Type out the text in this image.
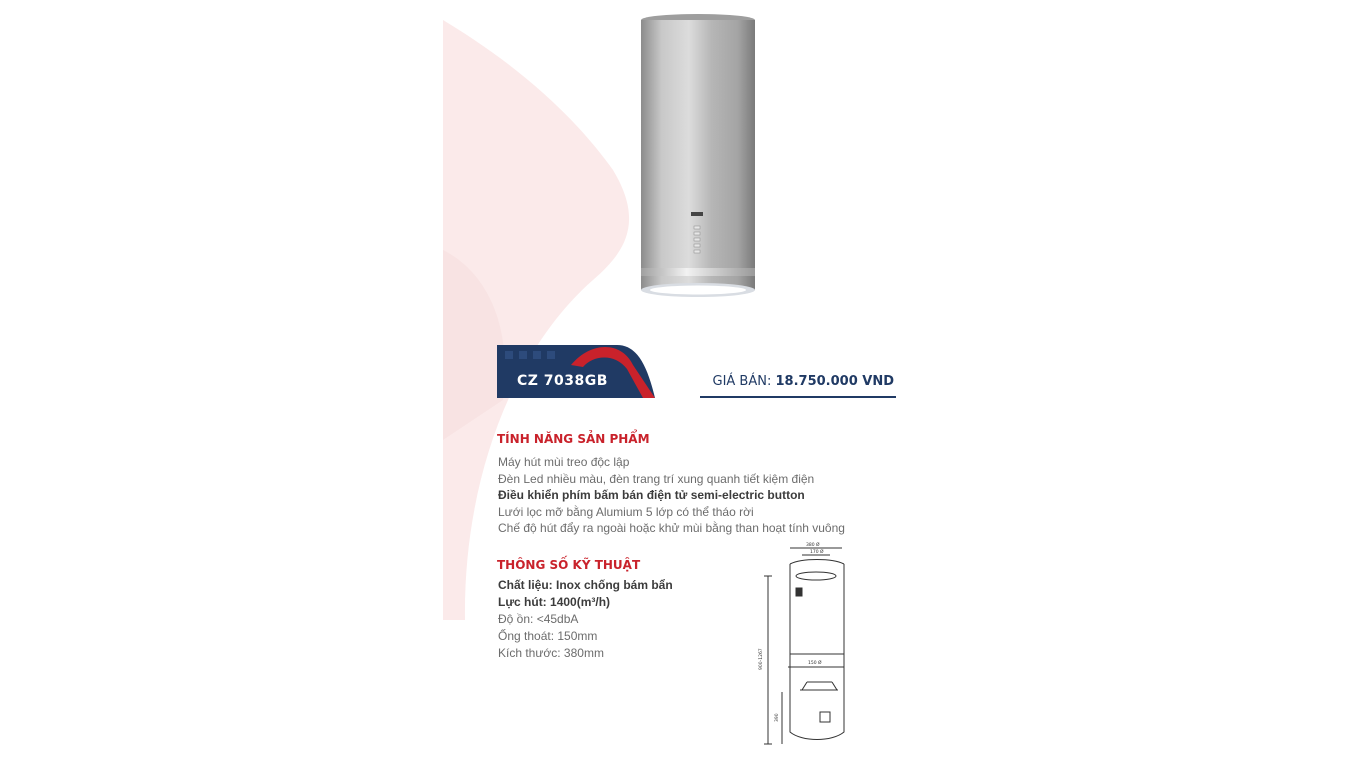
CZ 7038GB	GIÁ BÁN: 18.750.000 VND
TÍNH NĂNG SẢN PHẨM
Máy hút mùi treo độc lập
Đèn Led nhiều màu, đèn trang trí xung quanh tiết kiệm điện
Điều khiển phím bấm bán điện tử semi-electric button
Lưới lọc mỡ bằng Alumium 5 lớp có thể tháo rời
Chế độ hút đẩy ra ngoài hoặc khử mùi bằng than hoạt tính vuông
THÔNG SỐ KỸ THUẬT
Chất liệu: Inox chống bám bẩn
Lực hút: 1400(m³/h)
Độ ồn: <45dbA
Ống thoát: 150mm
Kích thước: 380mm
380 Ø
170 Ø
150 Ø
900-1267
390
